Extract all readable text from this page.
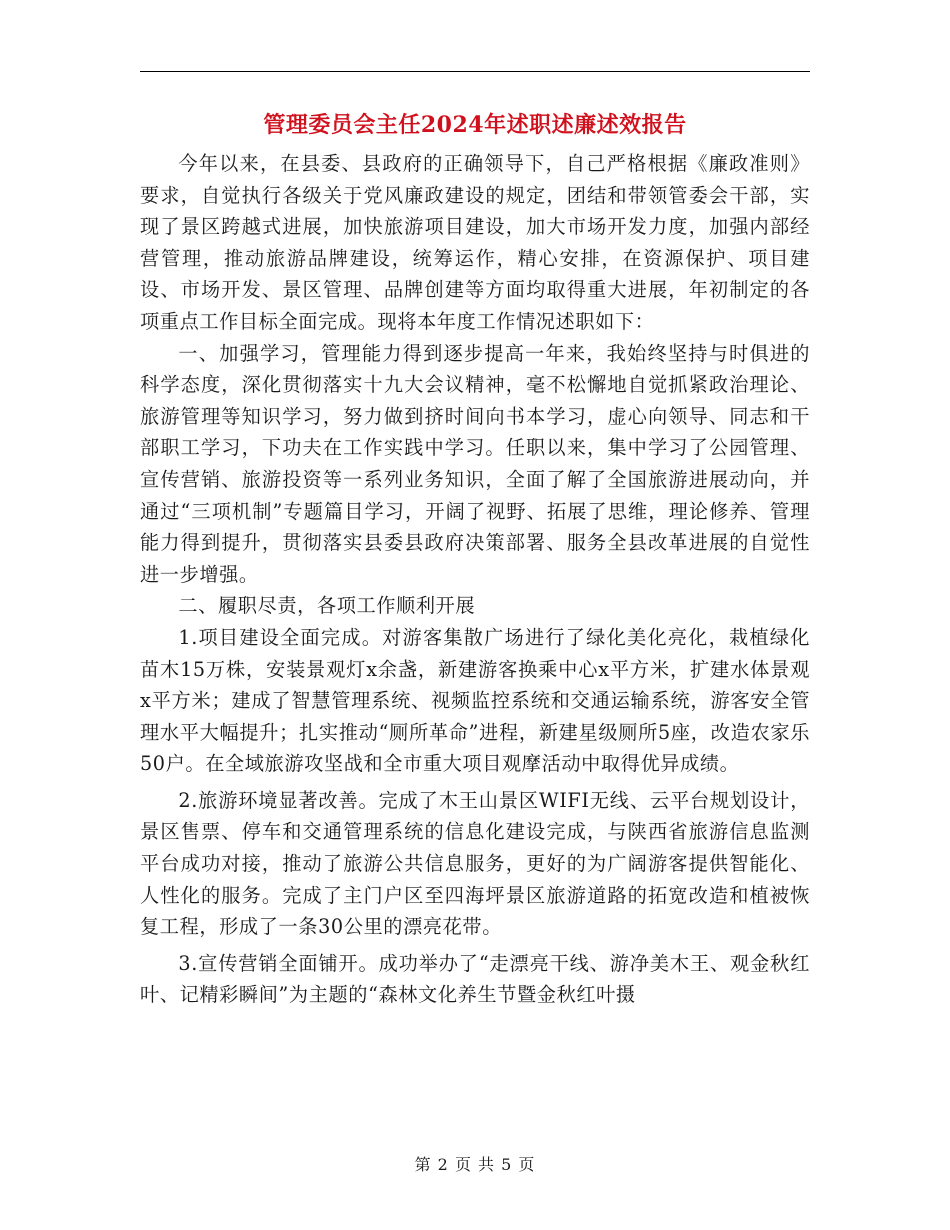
管理委员会主任2024年述职述廉述效报告

今年以来，在县委、县政府的正确领导下，自己严格根据《廉政准则》要求，自觉执行各级关于党风廉政建设的规定，团结和带领管委会干部，实现了景区跨越式进展，加快旅游项目建设，加大市场开发力度，加强内部经营管理，推动旅游品牌建设，统筹运作，精心安排，在资源保护、项目建设、市场开发、景区管理、品牌创建等方面均取得重大进展，年初制定的各项重点工作目标全面完成。现将本年度工作情况述职如下：

一、加强学习，管理能力得到逐步提高一年来，我始终坚持与时俱进的科学态度，深化贯彻落实十九大会议精神，毫不松懈地自觉抓紧政治理论、旅游管理等知识学习，努力做到挤时间向书本学习，虚心向领导、同志和干部职工学习，下功夫在工作实践中学习。任职以来，集中学习了公园管理、宣传营销、旅游投资等一系列业务知识，全面了解了全国旅游进展动向，并通过“三项机制”专题篇目学习，开阔了视野、拓展了思维，理论修养、管理能力得到提升，贯彻落实县委县政府决策部署、服务全县改革进展的自觉性进一步增强。

二、履职尽责，各项工作顺利开展

1.项目建设全面完成。对游客集散广场进行了绿化美化亮化，栽植绿化苗木15万株，安装景观灯x余盏，新建游客换乘中心x平方米，扩建水体景观x平方米；建成了智慧管理系统、视频监控系统和交通运输系统，游客安全管理水平大幅提升；扎实推动“厕所革命”进程，新建星级厕所5座，改造农家乐50户。在全域旅游攻坚战和全市重大项目观摩活动中取得优异成绩。

2.旅游环境显著改善。完成了木王山景区WIFI无线、云平台规划设计，景区售票、停车和交通管理系统的信息化建设完成，与陕西省旅游信息监测平台成功对接，推动了旅游公共信息服务，更好的为广阔游客提供智能化、人性化的服务。完成了主门户区至四海坪景区旅游道路的拓宽改造和植被恢复工程，形成了一条30公里的漂亮花带。

3.宣传营销全面铺开。成功举办了“走漂亮干线、游净美木王、观金秋红叶、记精彩瞬间”为主题的“森林文化养生节暨金秋红叶摄

第 2 页 共 5 页
